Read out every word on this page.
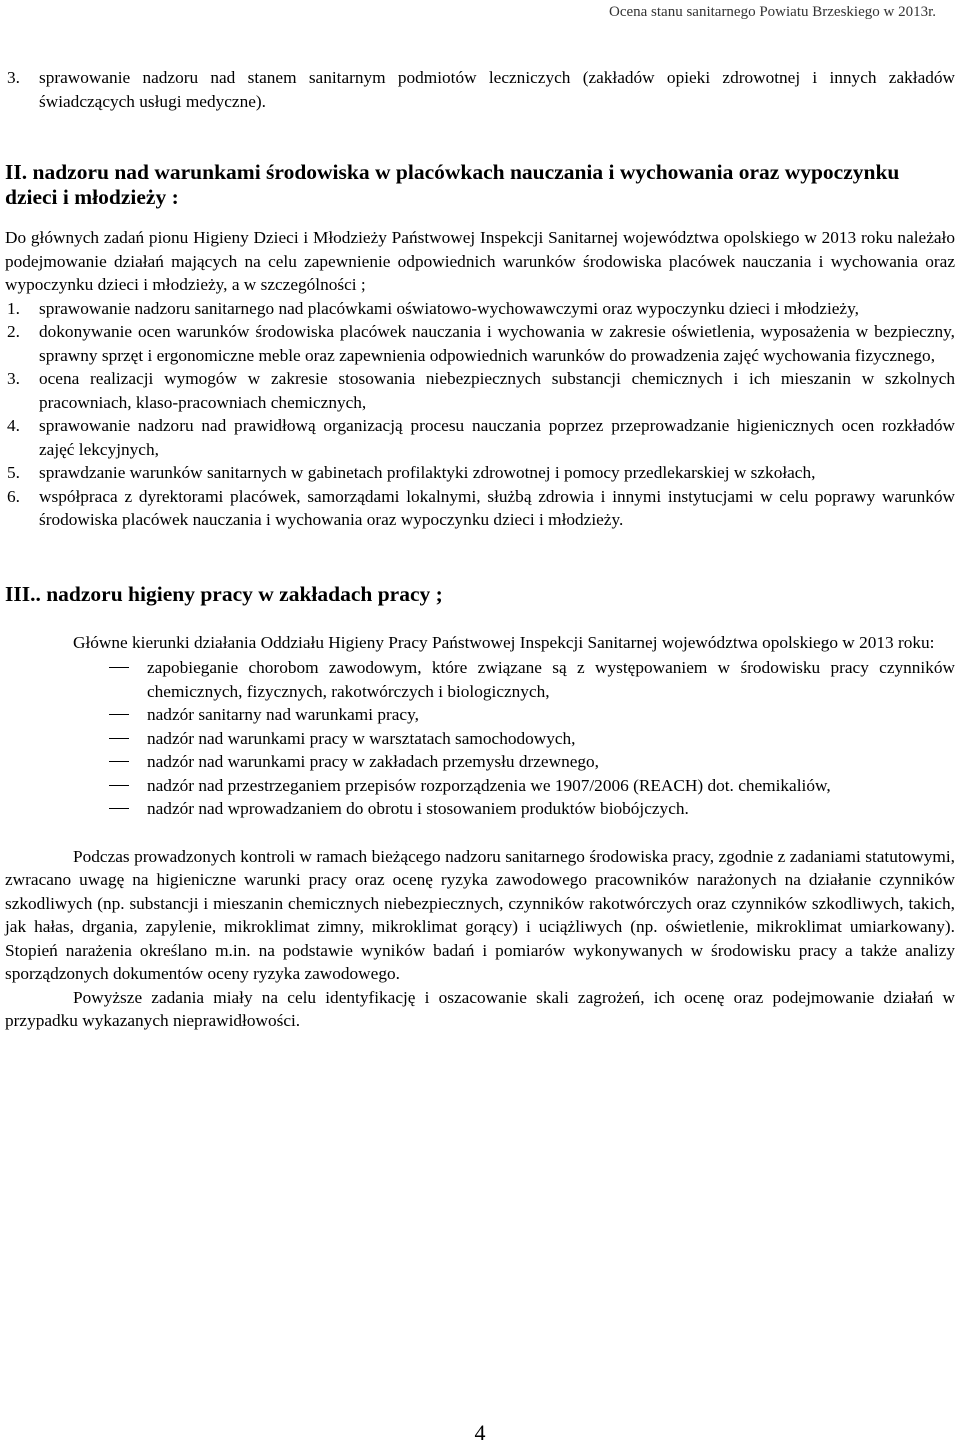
Ocena stanu sanitarnego Powiatu Brzeskiego w 2013r.
3.	sprawowanie nadzoru nad stanem sanitarnym podmiotów leczniczych (zakładów opieki zdrowotnej i innych zakładów świadczących usługi medyczne).
II. nadzoru nad warunkami środowiska w placówkach nauczania i wychowania oraz wypoczynku dzieci i młodzieży :
Do głównych zadań pionu Higieny Dzieci i Młodzieży Państwowej Inspekcji Sanitarnej województwa opolskiego w 2013 roku należało podejmowanie działań mających na celu zapewnienie odpowiednich warunków środowiska placówek nauczania i wychowania oraz wypoczynku dzieci i młodzieży, a w szczególności ;
1.	sprawowanie nadzoru sanitarnego nad placówkami oświatowo-wychowawczymi oraz wypoczynku dzieci i młodzieży,
2.	dokonywanie ocen warunków środowiska placówek nauczania i wychowania w zakresie oświetlenia, wyposażenia w bezpieczny, sprawny sprzęt i ergonomiczne meble oraz zapewnienia odpowiednich warunków do prowadzenia zajęć wychowania fizycznego,
3.	ocena realizacji wymogów w zakresie stosowania niebezpiecznych substancji chemicznych i ich mieszanin w szkolnych pracowniach, klaso-pracowniach chemicznych,
4.	sprawowanie nadzoru nad prawidłową organizacją procesu nauczania poprzez przeprowadzanie higienicznych ocen rozkładów zajęć lekcyjnych,
5.	sprawdzanie warunków sanitarnych w gabinetach profilaktyki zdrowotnej i pomocy przedlekarskiej w szkołach,
6.	współpraca z dyrektorami placówek, samorządami lokalnymi, służbą zdrowia i innymi instytucjami w celu poprawy warunków środowiska placówek nauczania i wychowania oraz wypoczynku dzieci i młodzieży.
III.. nadzoru higieny pracy w zakładach pracy ;
Główne kierunki działania Oddziału Higieny Pracy Państwowej Inspekcji Sanitarnej województwa opolskiego w 2013 roku:
zapobieganie chorobom zawodowym, które związane są z występowaniem w środowisku pracy czynników chemicznych, fizycznych, rakotwórczych i biologicznych,
nadzór sanitarny nad warunkami pracy,
nadzór nad warunkami pracy w warsztatach samochodowych,
nadzór nad warunkami pracy w zakładach przemysłu drzewnego,
nadzór nad przestrzeganiem przepisów rozporządzenia we 1907/2006 (REACH) dot. chemikaliów,
nadzór nad wprowadzaniem do obrotu i stosowaniem produktów biobójczych.
Podczas prowadzonych kontroli w ramach bieżącego nadzoru sanitarnego środowiska pracy, zgodnie z zadaniami statutowymi, zwracano uwagę na higieniczne warunki pracy oraz ocenę ryzyka zawodowego pracowników narażonych na działanie czynników szkodliwych (np. substancji i mieszanin chemicznych niebezpiecznych, czynników rakotwórczych oraz czynników szkodliwych, takich, jak hałas, drgania, zapylenie, mikroklimat zimny, mikroklimat gorący) i uciążliwych (np. oświetlenie, mikroklimat umiarkowany). Stopień narażenia określano m.in. na podstawie wyników badań i pomiarów wykonywanych w środowisku pracy a także analizy sporządzonych dokumentów oceny ryzyka zawodowego.
Powyższe zadania miały na celu identyfikację i oszacowanie skali zagrożeń, ich ocenę oraz podejmowanie działań w przypadku wykazanych nieprawidłowości.
4
